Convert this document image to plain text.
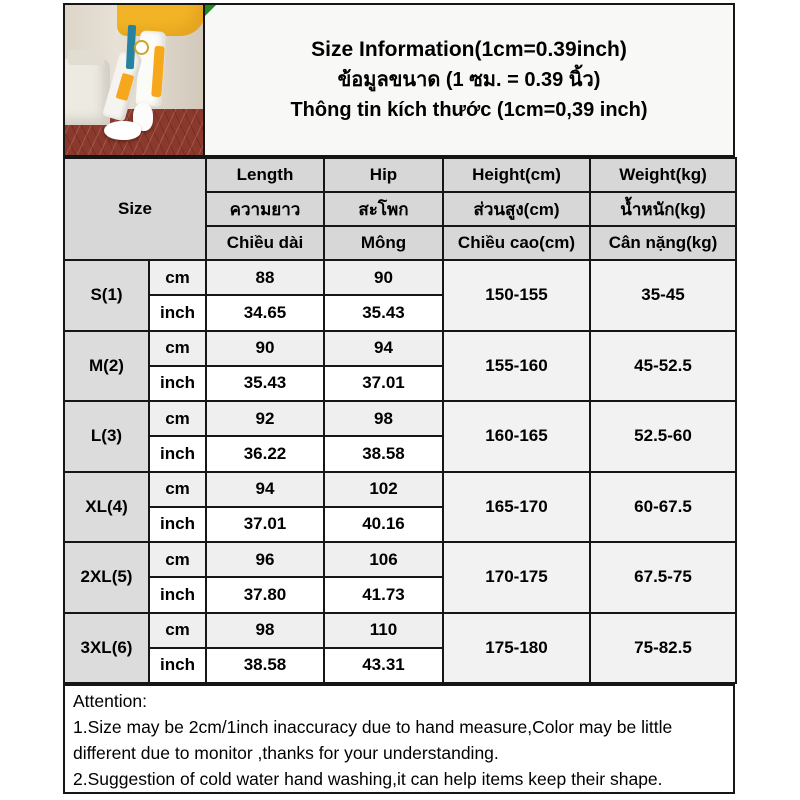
Size Information(1cm=0.39inch)
ข้อมูลขนาด (1 ซม. = 0.39 นิ้ว)
Thông tin kích thước (1cm=0,39 inch)
Size		Length	Hip	Height(cm)	Weight(kg)
		ความยาว	สะโพก	ส่วนสูง(cm)	น้ำหนัก(kg)
		Chiều dài	Mông	Chiều cao(cm)	Cân nặng(kg)
S(1)	cm	88	90	150-155	35-45
	inch	34.65	35.43		
M(2)	cm	90	94	155-160	45-52.5
	inch	35.43	37.01		
L(3)	cm	92	98	160-165	52.5-60
	inch	36.22	38.58		
XL(4)	cm	94	102	165-170	60-67.5
	inch	37.01	40.16		
2XL(5)	cm	96	106	170-175	67.5-75
	inch	37.80	41.73		
3XL(6)	cm	98	110	175-180	75-82.5
	inch	38.58	43.31		
Attention:
1.Size may be 2cm/1inch inaccuracy due to hand measure,Color may be little different due to monitor ,thanks for your understanding.
2.Suggestion of cold water hand washing,it can help items keep their shape.
